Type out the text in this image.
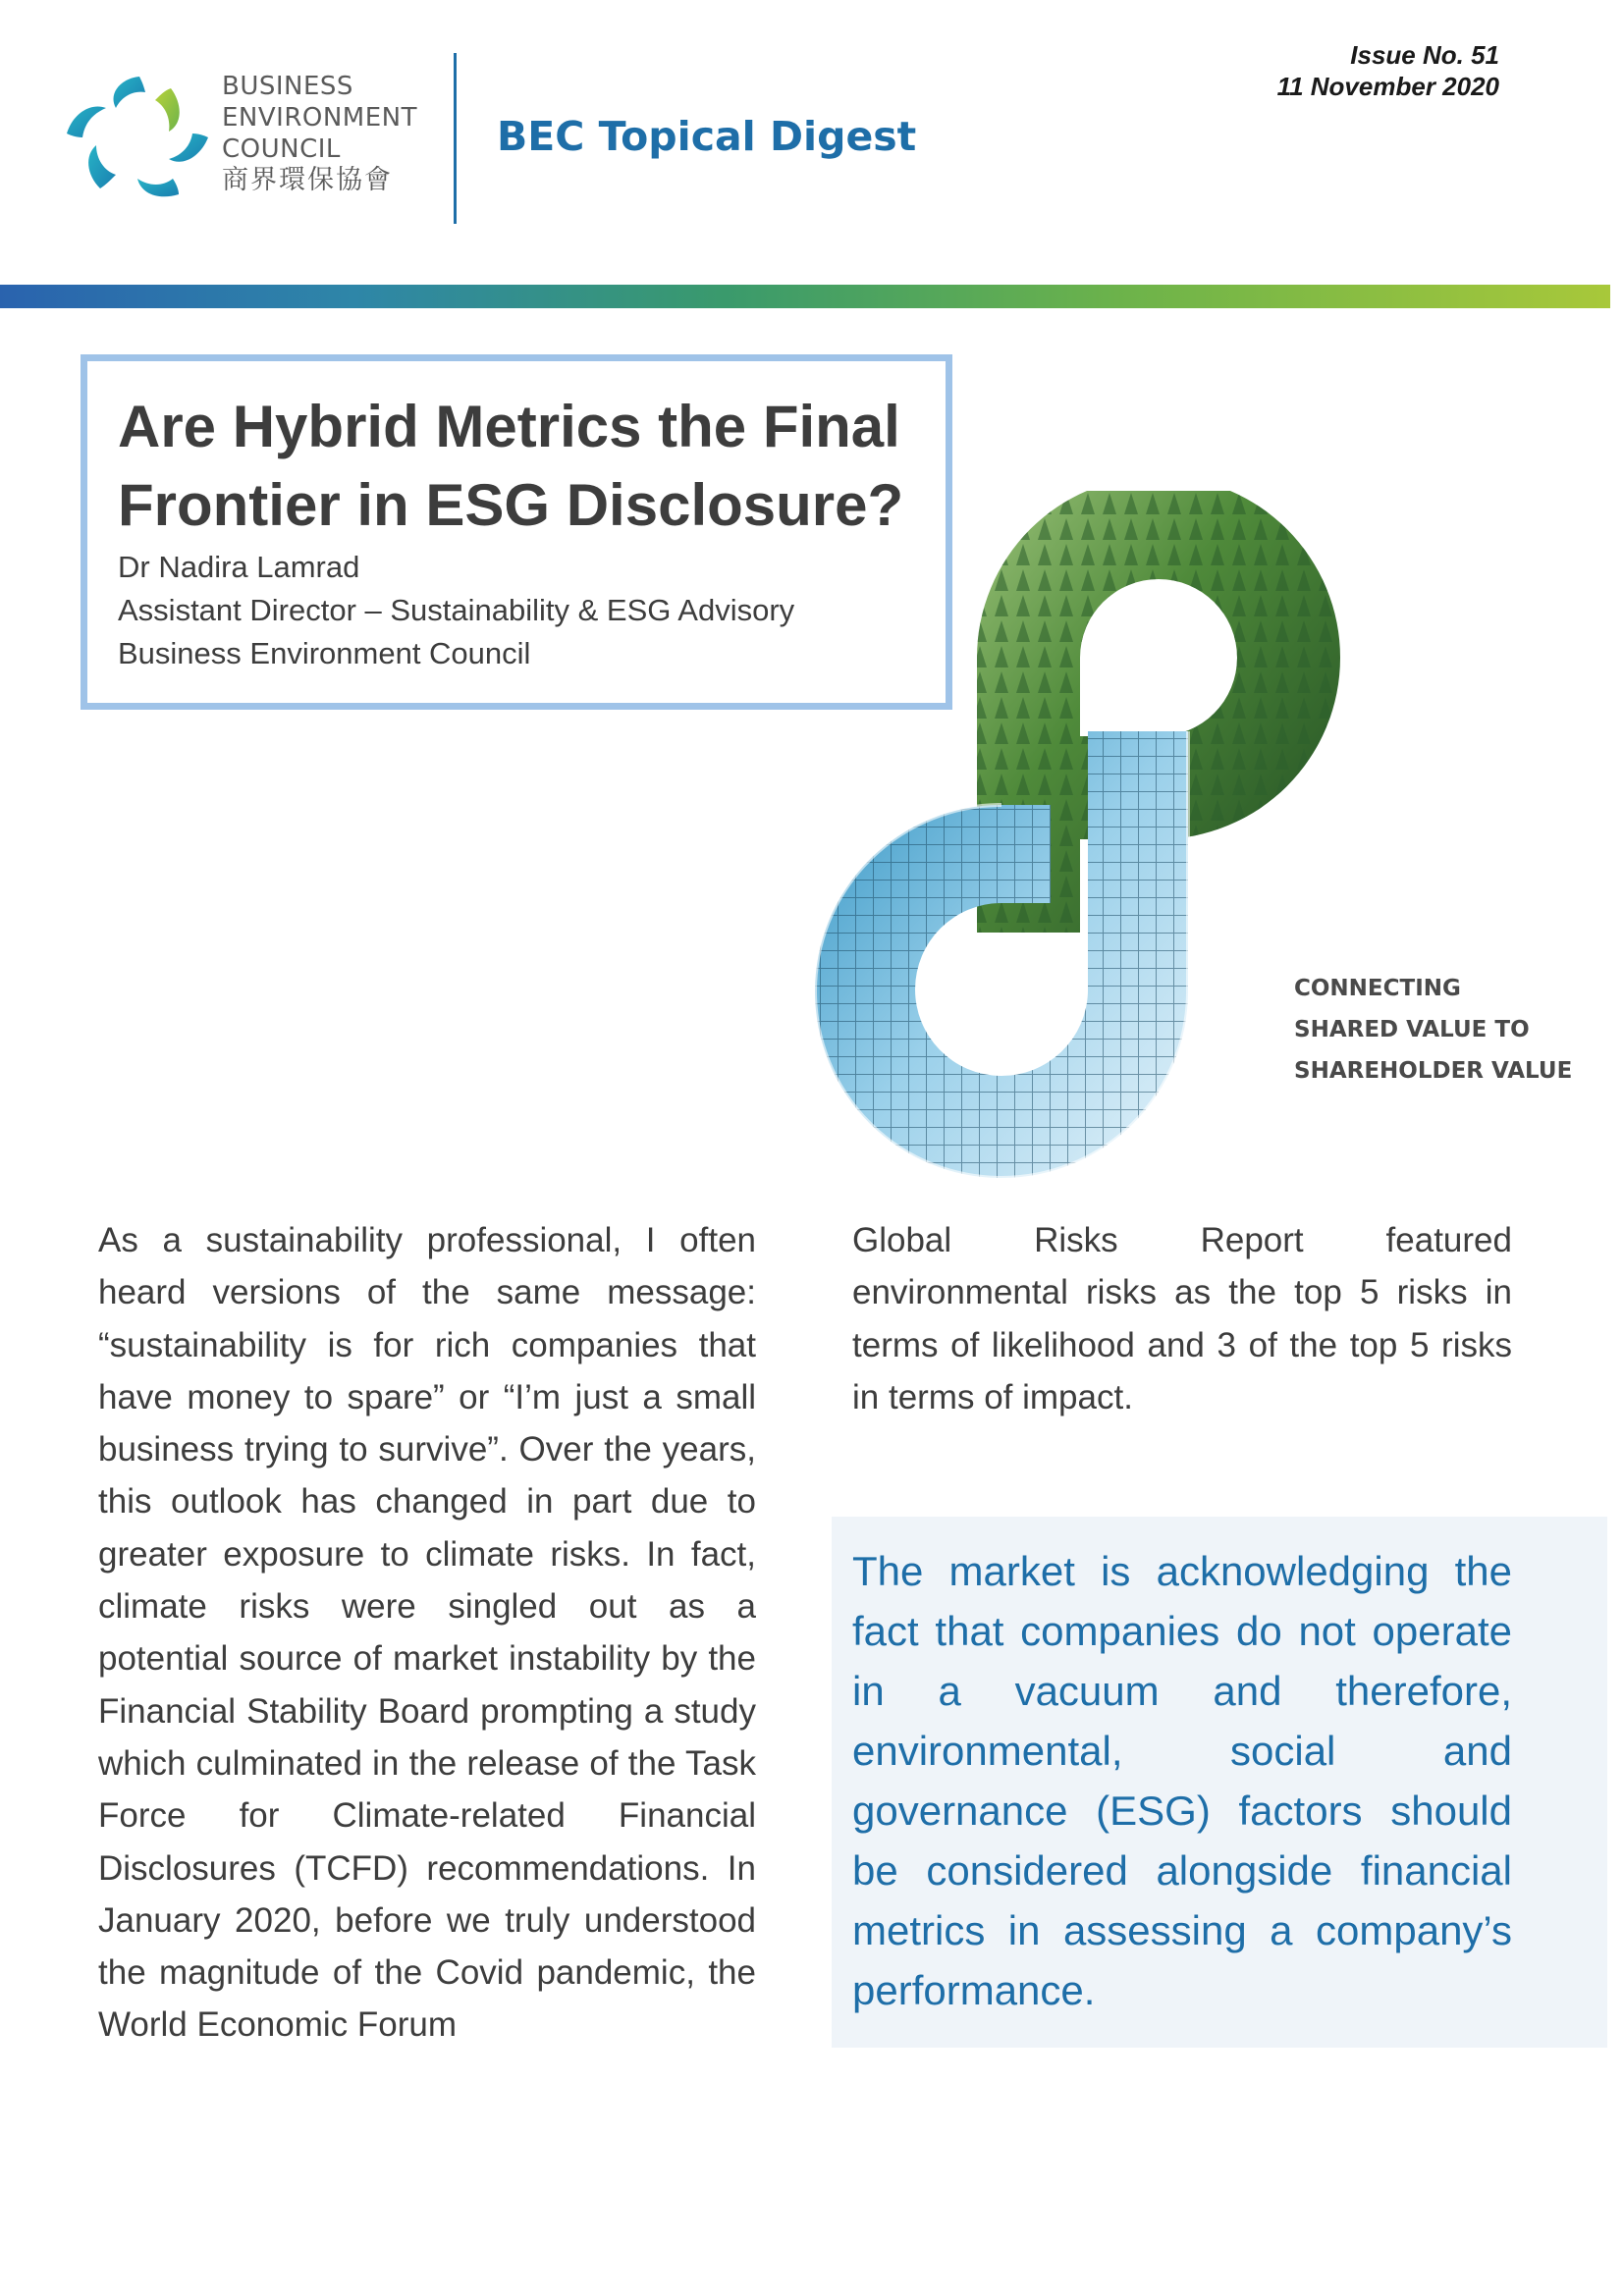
BUSINESS
ENVIRONMENT
COUNCIL
商界環保協會
BEC Topical Digest
Issue No. 51
11 November 2020
CONNECTING
SHARED VALUE TO
SHAREHOLDER VALUE
Are Hybrid Metrics the Final
Frontier in ESG Disclosure?
Dr Nadira Lamrad
Assistant Director – Sustainability & ESG Advisory
Business Environment Council

As a sustainability professional, I often heard versions of the same message: “sustainability is for rich companies that have money to spare” or “I’m just a small business trying to survive”. Over the years, this outlook has changed in part due to greater exposure to climate risks. In fact, climate risks were singled out as a potential source of market instability by the Financial Stability Board prompting a study which culminated in the release of the Task Force for Climate-related Financial Disclosures (TCFD) recommendations. In January 2020, before we truly understood the magnitude of the Covid pandemic, the World Economic Forum

Global Risks Report featured environmental risks as the top 5 risks in terms of likelihood and 3 of the top 5 risks in terms of impact.

The market is acknowledging the fact that companies do not operate in a vacuum and therefore, environmental, social and governance (ESG) factors should be considered alongside financial metrics in assessing a company’s performance.
